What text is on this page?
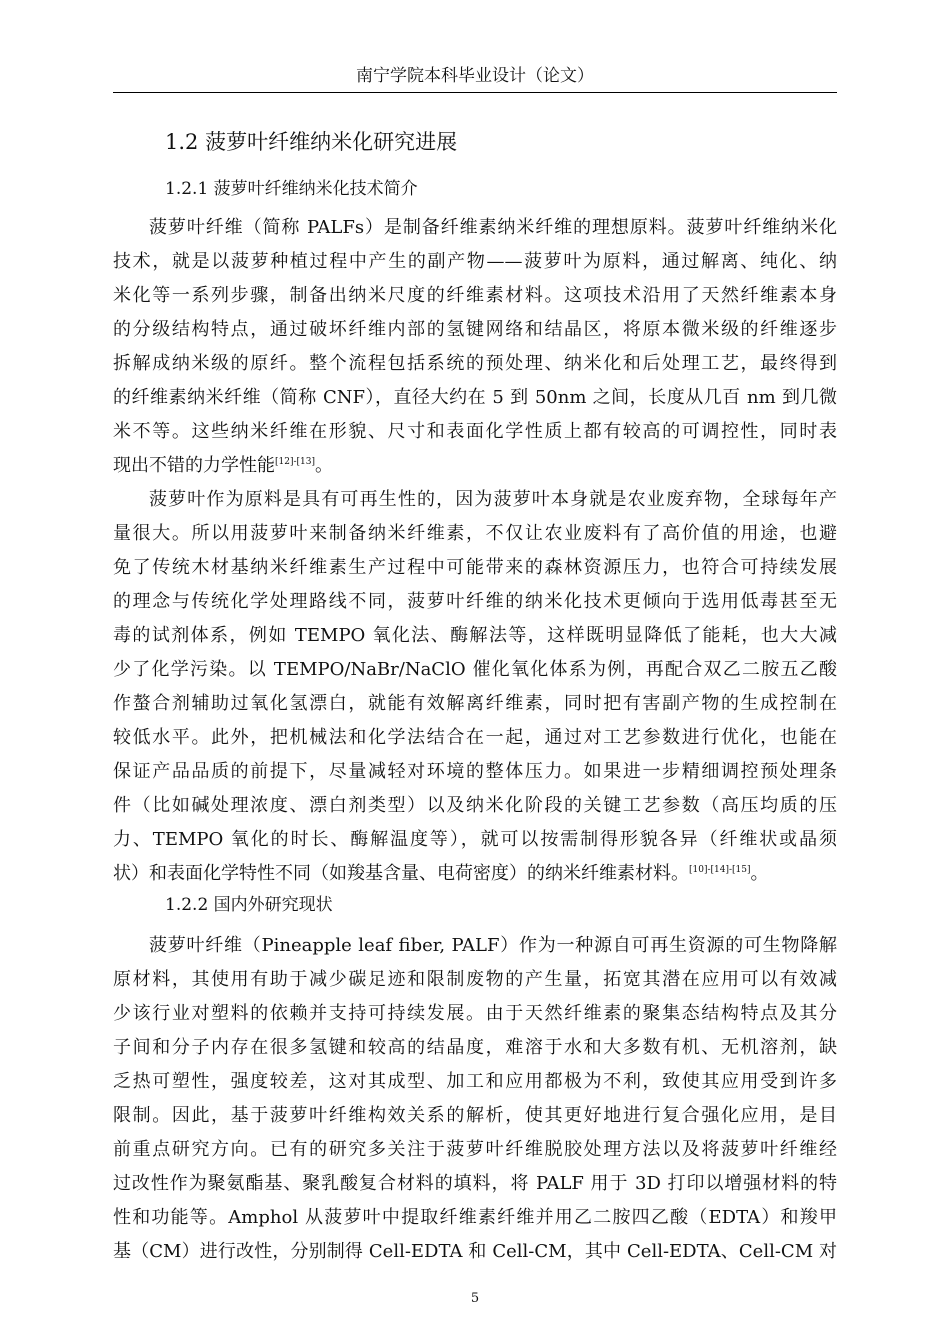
南宁学院本科毕业设计（论文）
1.2 菠萝叶纤维纳米化研究进展
1.2.1 菠萝叶纤维纳米化技术简介
菠萝叶纤维（简称 PALFs）是制备纤维素纳米纤维的理想原料。菠萝叶纤维纳米化
技术，就是以菠萝种植过程中产生的副产物——菠萝叶为原料，通过解离、纯化、纳
米化等一系列步骤，制备出纳米尺度的纤维素材料。这项技术沿用了天然纤维素本身
的分级结构特点，通过破坏纤维内部的氢键网络和结晶区，将原本微米级的纤维逐步
拆解成纳米级的原纤。整个流程包括系统的预处理、纳米化和后处理工艺，最终得到
的纤维素纳米纤维（简称 CNF），直径大约在 5 到 50nm 之间，长度从几百 nm 到几微
米不等。这些纳米纤维在形貌、尺寸和表面化学性质上都有较高的可调控性，同时表
现出不错的力学性能[12]-[13]。
菠萝叶作为原料是具有可再生性的，因为菠萝叶本身就是农业废弃物，全球每年产
量很大。所以用菠萝叶来制备纳米纤维素，不仅让农业废料有了高价值的用途，也避
免了传统木材基纳米纤维素生产过程中可能带来的森林资源压力，也符合可持续发展
的理念与传统化学处理路线不同，菠萝叶纤维的纳米化技术更倾向于选用低毒甚至无
毒的试剂体系，例如 TEMPO 氧化法、酶解法等，这样既明显降低了能耗，也大大减
少了化学污染。以 TEMPO/NaBr/NaClO 催化氧化体系为例，再配合双乙二胺五乙酸
作螯合剂辅助过氧化氢漂白，就能有效解离纤维素，同时把有害副产物的生成控制在
较低水平。此外，把机械法和化学法结合在一起，通过对工艺参数进行优化，也能在
保证产品品质的前提下，尽量减轻对环境的整体压力。如果进一步精细调控预处理条
件（比如碱处理浓度、漂白剂类型）以及纳米化阶段的关键工艺参数（高压均质的压
力、TEMPO 氧化的时长、酶解温度等），就可以按需制得形貌各异（纤维状或晶须
状）和表面化学特性不同（如羧基含量、电荷密度）的纳米纤维素材料。[10]-[14]-[15]。
1.2.2 国内外研究现状
菠萝叶纤维（Pineapple leaf fiber, PALF）作为一种源自可再生资源的可生物降解
原材料，其使用有助于减少碳足迹和限制废物的产生量，拓宽其潜在应用可以有效减
少该行业对塑料的依赖并支持可持续发展。由于天然纤维素的聚集态结构特点及其分
子间和分子内存在很多氢键和较高的结晶度，难溶于水和大多数有机、无机溶剂，缺
乏热可塑性，强度较差，这对其成型、加工和应用都极为不利，致使其应用受到许多
限制。因此，基于菠萝叶纤维构效关系的解析，使其更好地进行复合强化应用，是目
前重点研究方向。已有的研究多关注于菠萝叶纤维脱胶处理方法以及将菠萝叶纤维经
过改性作为聚氨酯基、聚乳酸复合材料的填料，将 PALF 用于 3D 打印以增强材料的特
性和功能等。Amphol 从菠萝叶中提取纤维素纤维并用乙二胺四乙酸（EDTA）和羧甲
基（CM）进行改性，分别制得 Cell-EDTA 和 Cell-CM，其中 Cell-EDTA、Cell-CM 对
5
